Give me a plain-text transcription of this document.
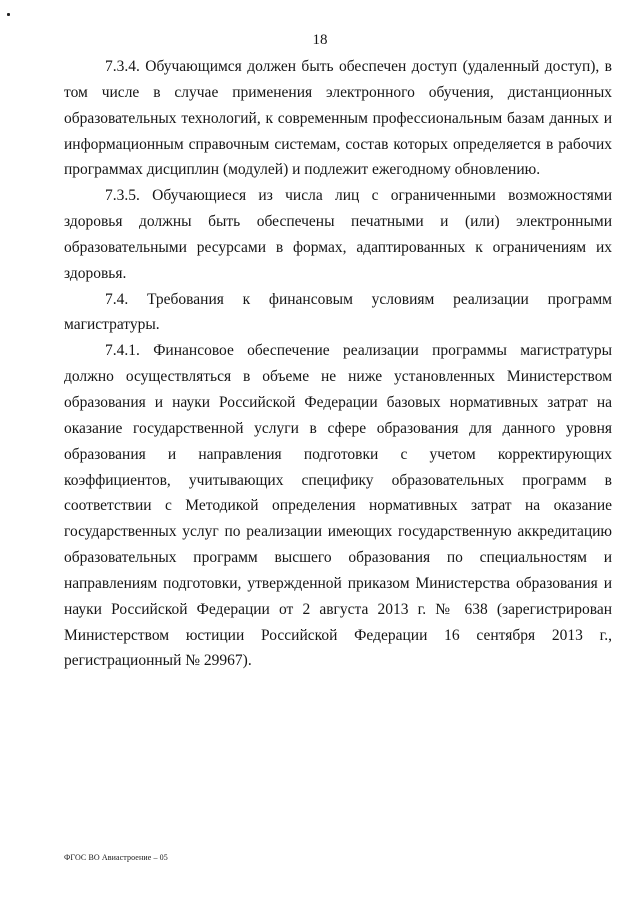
18

7.3.4. Обучающимся должен быть обеспечен доступ (удаленный доступ), в том числе в случае применения электронного обучения, дистанционных образовательных технологий, к современным профессиональным базам данных и информационным справочным системам, состав которых определяется в рабочих программах дисциплин (модулей) и подлежит ежегодному обновлению.

7.3.5. Обучающиеся из числа лиц с ограниченными возможностями здоровья должны быть обеспечены печатными и (или) электронными образовательными ресурсами в формах, адаптированных к ограничениям их здоровья.

7.4. Требования к финансовым условиям реализации программ магистратуры.

7.4.1. Финансовое обеспечение реализации программы магистратуры должно осуществляться в объеме не ниже установленных Министерством образования и науки Российской Федерации базовых нормативных затрат на оказание государственной услуги в сфере образования для данного уровня образования и направления подготовки с учетом корректирующих коэффициентов, учитывающих специфику образовательных программ в соответствии с Методикой определения нормативных затрат на оказание государственных услуг по реализации имеющих государственную аккредитацию образовательных программ высшего образования по специальностям и направлениям подготовки, утвержденной приказом Министерства образования и науки Российской Федерации от 2 августа 2013 г. № 638 (зарегистрирован Министерством юстиции Российской Федерации 16 сентября 2013 г., регистрационный № 29967).

ФГОС ВО Авиастроение – 05
